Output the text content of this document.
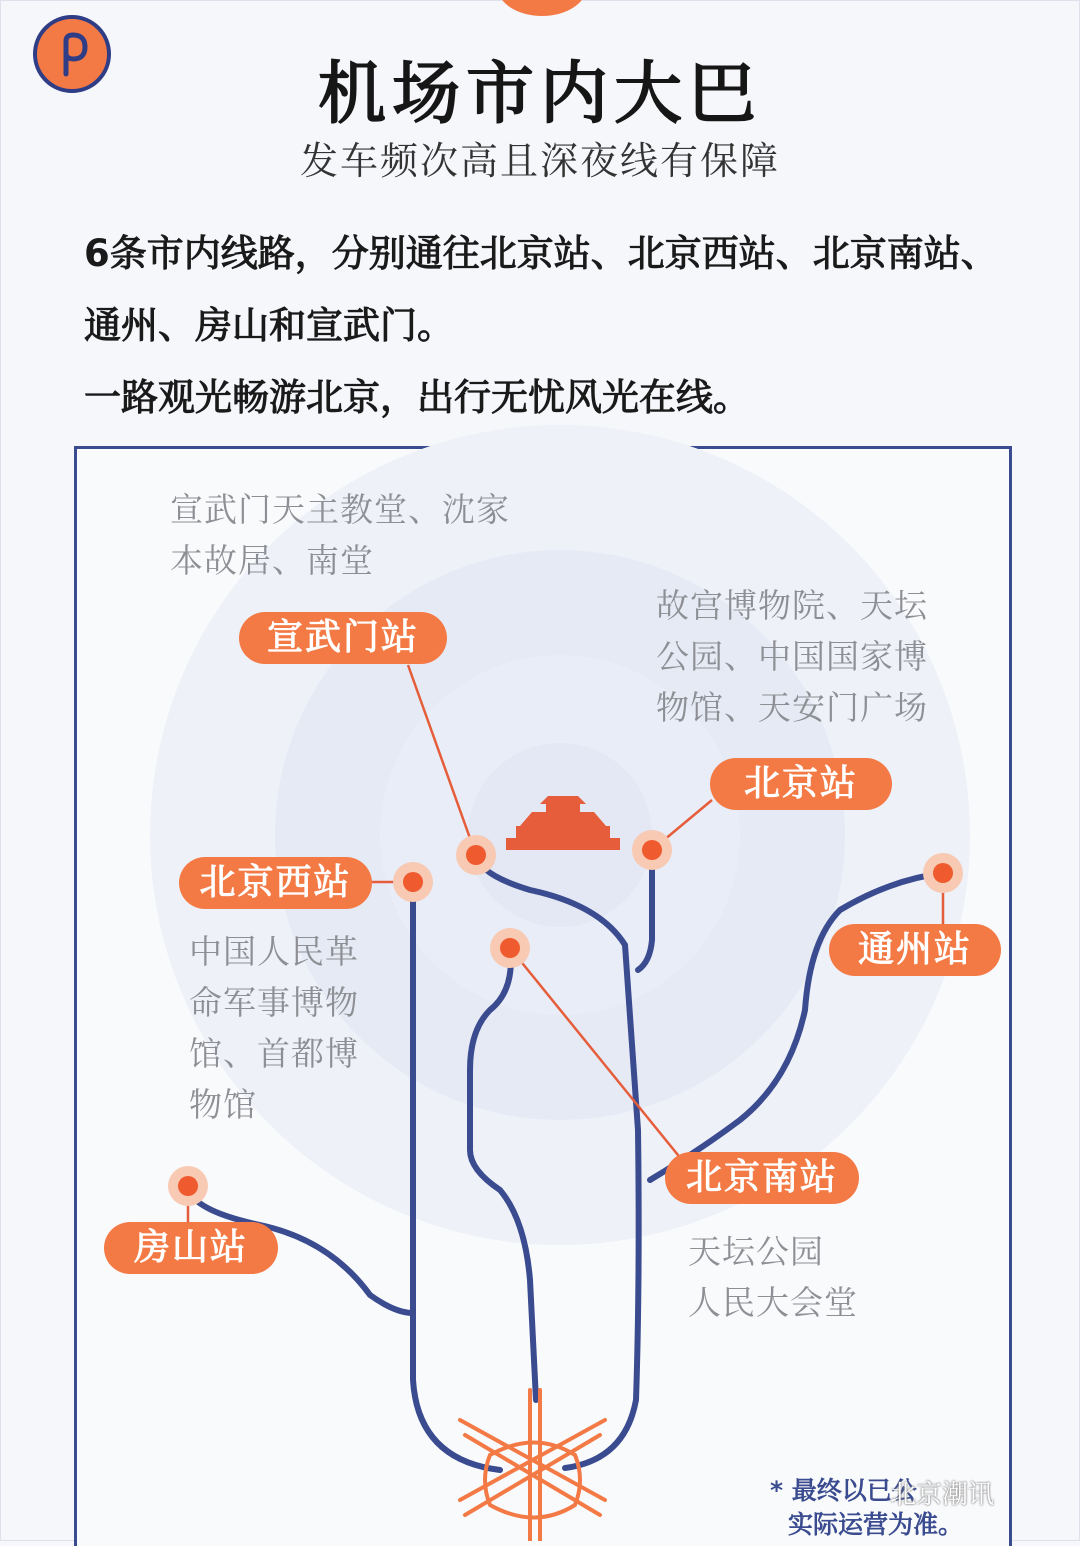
机场市内大巴
发车频次高且深夜线有保障

6条市内线路，分别通往北京站、北京西站、北京南站、通州、房山和宣武门。

一路观光畅游北京，出行无忧风光在线。

宣武门站
北京站
北京西站
通州站
北京南站
房山站
宣武门天主教堂、沈家本故居、南堂
故宫博物院、天坛公园、中国国家博物馆、天安门广场
中国人民革命军事博物馆、首都博物馆
天坛公园 人民大会堂

* 最终以已公

实际运营为准。

北京潮讯
